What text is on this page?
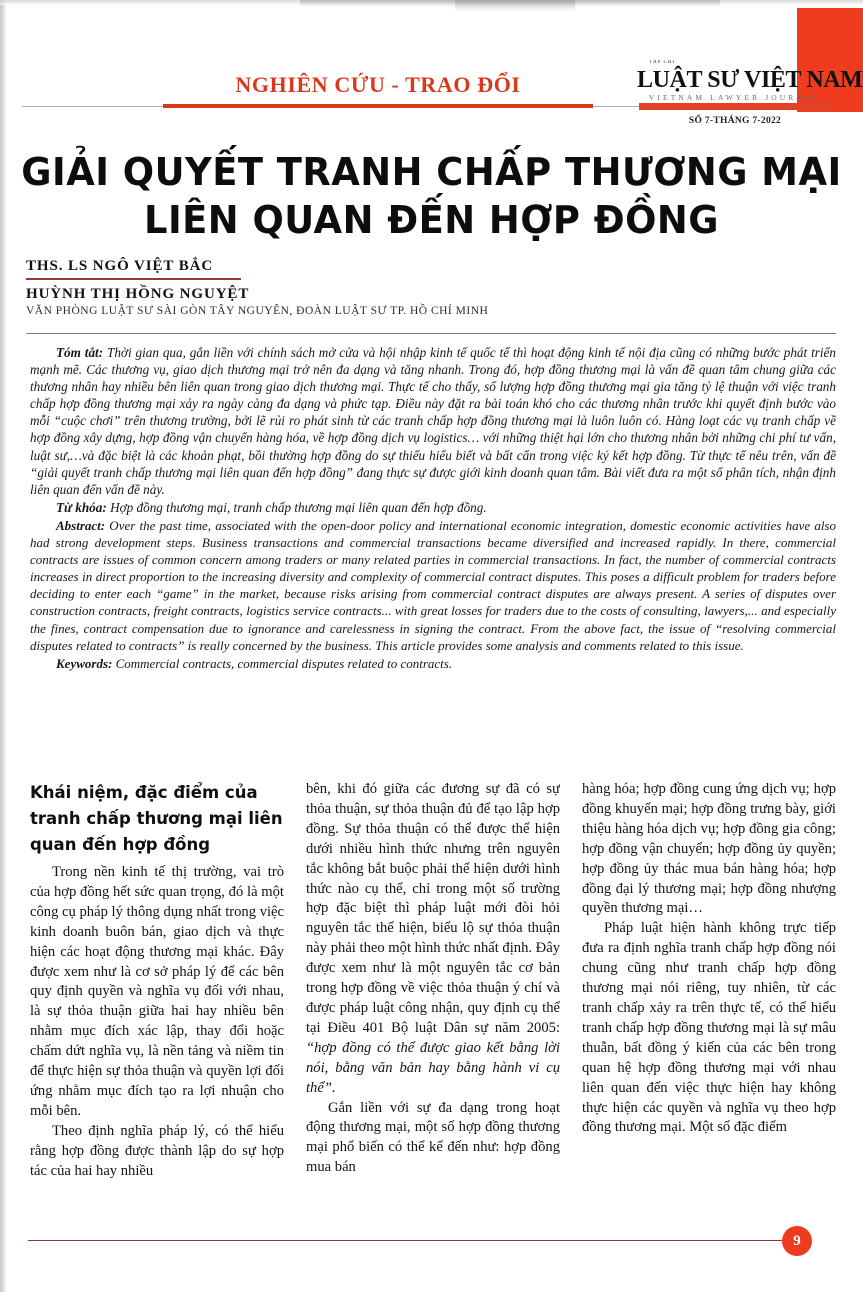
NGHIÊN CỨU - TRAO ĐỔI
TẠP CHÍ
LUẬT SƯ VIỆT NAM
VIETNAM LAWYER JOURNAL
SỐ 7-THÁNG 7-2022
GIẢI QUYẾT TRANH CHẤP THƯƠNG MẠI
LIÊN QUAN ĐẾN HỢP ĐỒNG
THS. LS NGÔ VIỆT BẮC
HUỲNH THỊ HỒNG NGUYỆT
VĂN PHÒNG LUẬT SƯ SÀI GÒN TÂY NGUYÊN, ĐOÀN LUẬT SƯ TP. HỒ CHÍ MINH

Tóm tắt: Thời gian qua, gắn liền với chính sách mở cửa và hội nhập kinh tế quốc tế thì hoạt động kinh tế nội địa cũng có những bước phát triển mạnh mẽ. Các thương vụ, giao dịch thương mại trở nên đa dạng và tăng nhanh. Trong đó, hợp đồng thương mại là vấn đề quan tâm chung giữa các thương nhân hay nhiều bên liên quan trong giao dịch thương mại. Thực tế cho thấy, số lượng hợp đồng thương mại gia tăng tỷ lệ thuận với việc tranh chấp hợp đồng thương mại xảy ra ngày càng đa dạng và phức tạp. Điều này đặt ra bài toán khó cho các thương nhân trước khi quyết định bước vào mỗi “cuộc chơi” trên thương trường, bởi lẽ rủi ro phát sinh từ các tranh chấp hợp đồng thương mại là luôn luôn có. Hàng loạt các vụ tranh chấp về hợp đồng xây dựng, hợp đồng vận chuyển hàng hóa, về hợp đồng dịch vụ logistics… với những thiệt hại lớn cho thương nhân bởi những chi phí tư vấn, luật sư,…và đặc biệt là các khoản phạt, bồi thường hợp đồng do sự thiếu hiểu biết và bất cẩn trong việc ký kết hợp đồng. Từ thực tế nêu trên, vấn đề “giải quyết tranh chấp thương mại liên quan đến hợp đồng” đang thực sự được giới kinh doanh quan tâm. Bài viết đưa ra một số phân tích, nhận định liên quan đến vấn đề này.

Từ khóa: Hợp đồng thương mại, tranh chấp thương mại liên quan đến hợp đồng.

Abstract: Over the past time, associated with the open-door policy and international economic integration, domestic economic activities have also had strong development steps. Business transactions and commercial transactions became diversified and increased rapidly. In there, commercial contracts are issues of common concern among traders or many related parties in commercial transactions. In fact, the number of commercial contracts increases in direct proportion to the increasing diversity and complexity of commercial contract disputes. This poses a difficult problem for traders before deciding to enter each “game” in the market, because risks arising from commercial contract disputes are always present. A series of disputes over construction contracts, freight contracts, logistics service contracts... with great losses for traders due to the costs of consulting, lawyers,... and especially the fines, contract compensation due to ignorance and carelessness in signing the contract. From the above fact, the issue of “resolving commercial disputes related to contracts” is really concerned by the business. This article provides some analysis and comments related to this issue.

Keywords: Commercial contracts, commercial disputes related to contracts.

Khái niệm, đặc điểm của tranh chấp thương mại liên quan đến hợp đồng

Trong nền kinh tế thị trường, vai trò của hợp đồng hết sức quan trọng, đó là một công cụ pháp lý thông dụng nhất trong việc kinh doanh buôn bán, giao dịch và thực hiện các hoạt động thương mại khác. Đây được xem như là cơ sở pháp lý để các bên quy định quyền và nghĩa vụ đối với nhau, là sự thỏa thuận giữa hai hay nhiều bên nhằm mục đích xác lập, thay đổi hoặc chấm dứt nghĩa vụ, là nền tảng và niềm tin để thực hiện sự thỏa thuận và quyền lợi đối ứng nhằm mục đích tạo ra lợi nhuận cho mỗi bên.

Theo định nghĩa pháp lý, có thể hiểu rằng hợp đồng được thành lập do sự hợp tác của hai hay nhiều

bên, khi đó giữa các đương sự đã có sự thỏa thuận, sự thỏa thuận đủ để tạo lập hợp đồng. Sự thỏa thuận có thể được thể hiện dưới nhiều hình thức nhưng trên nguyên tắc không bắt buộc phải thể hiện dưới hình thức nào cụ thể, chỉ trong một số trường hợp đặc biệt thì pháp luật mới đòi hỏi nguyên tắc thể hiện, biểu lộ sự thỏa thuận này phải theo một hình thức nhất định. Đây được xem như là một nguyên tắc cơ bản trong hợp đồng về việc thỏa thuận ý chí và được pháp luật công nhận, quy định cụ thể tại Điều 401 Bộ luật Dân sự năm 2005: “hợp đồng có thể được giao kết bằng lời nói, bằng văn bản hay bằng hành vi cụ thể”.

Gắn liền với sự đa dạng trong hoạt động thương mại, một số hợp đồng thương mại phổ biến có thể kể đến như: hợp đồng mua bán

hàng hóa; hợp đồng cung ứng dịch vụ; hợp đồng khuyến mại; hợp đồng trưng bày, giới thiệu hàng hóa dịch vụ; hợp đồng gia công; hợp đồng vận chuyển; hợp đồng ủy quyền; hợp đồng ủy thác mua bán hàng hóa; hợp đồng đại lý thương mại; hợp đồng nhượng quyền thương mại…

Pháp luật hiện hành không trực tiếp đưa ra định nghĩa tranh chấp hợp đồng nói chung cũng như tranh chấp hợp đồng thương mại nói riêng, tuy nhiên, từ các tranh chấp xảy ra trên thực tế, có thể hiểu tranh chấp hợp đồng thương mại là sự mâu thuẫn, bất đồng ý kiến của các bên trong quan hệ hợp đồng thương mại với nhau liên quan đến việc thực hiện hay không thực hiện các quyền và nghĩa vụ theo hợp đồng thương mại. Một số đặc điểm

9
